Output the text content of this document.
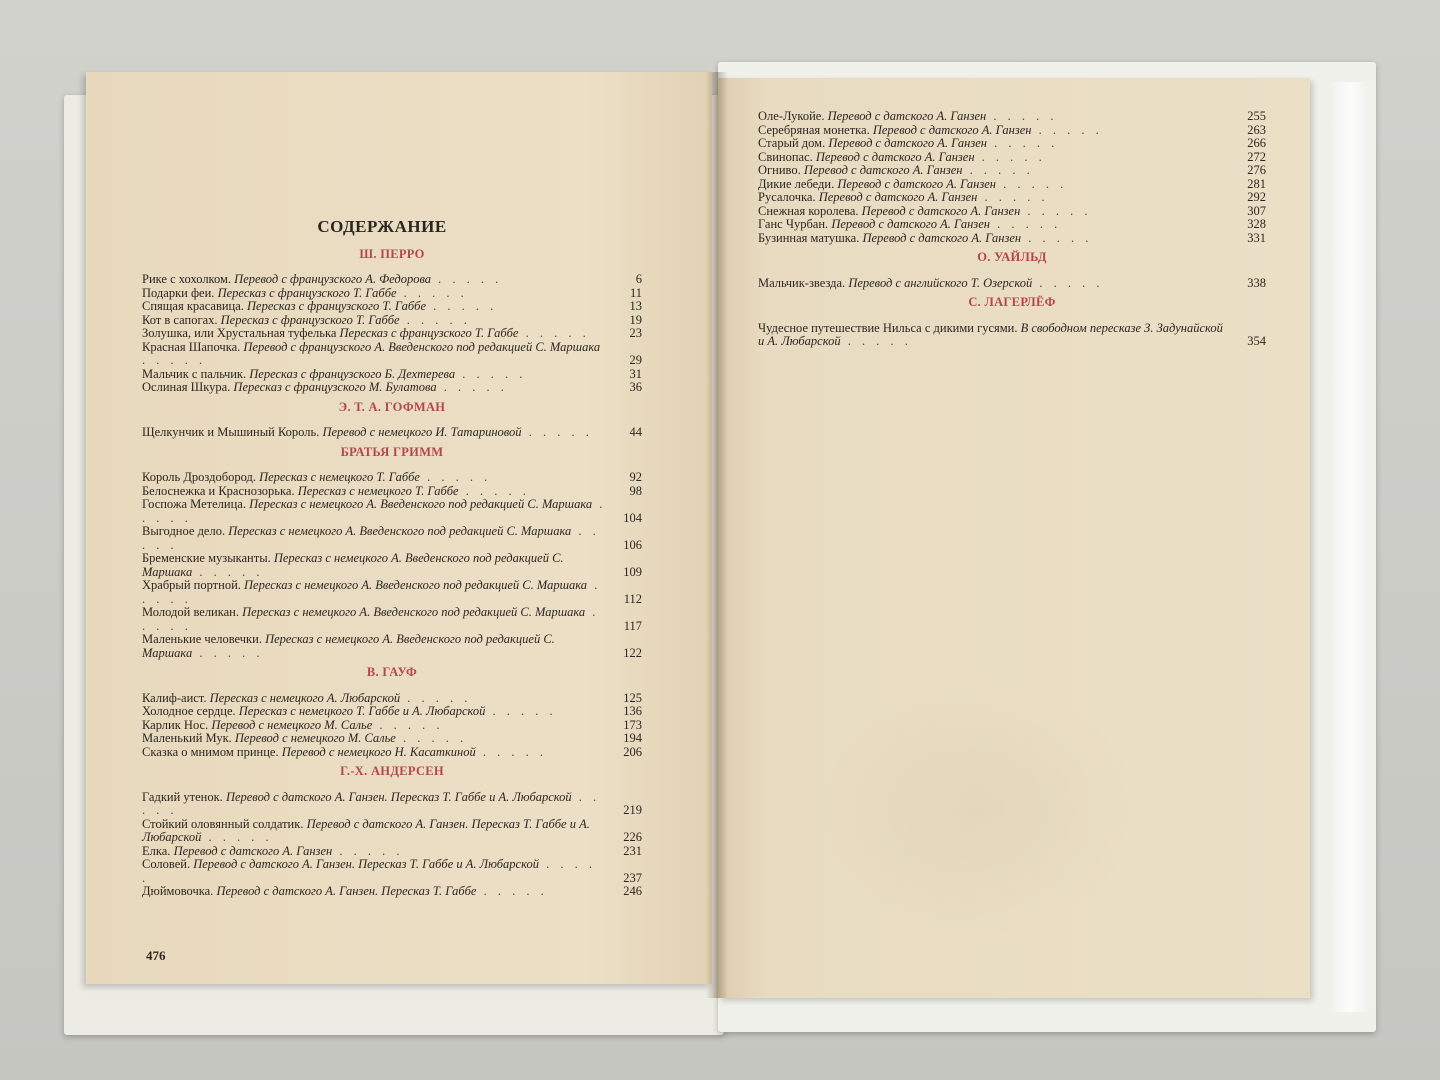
СОДЕРЖАНИЕ
Ш. ПЕРРО
Рике с хохолком. Перевод с французского А. Федорова . . . . .	6
Подарки феи. Пересказ с французского Т. Габбе . . . . .	11
Спящая красавица. Пересказ с французского Т. Габбе . . . . .	13
Кот в сапогах. Пересказ с французского Т. Габбе . . . . .	19
Золушка, или Хрустальная туфелька Пересказ с французского Т. Габбе . . . . .	23
Красная Шапочка. Перевод с французского А. Введенского под редакцией С. Маршака . . . . .	29
Мальчик с пальчик. Пересказ с французского Б. Дехтерева . . . . .	31
Ослиная Шкура. Пересказ с французского М. Булатова . . . . .	36
Э. Т. А. ГОФМАН
Щелкунчик и Мышиный Король. Перевод с немецкого И. Татариновой . . . . .	44
БРАТЬЯ ГРИММ
Король Дроздобород. Пересказ с немецкого Т. Габбе . . . . .	92
Белоснежка и Краснозорька. Пересказ с немецкого Т. Габбе . . . . .	98
Госпожа Метелица. Пересказ с немецкого А. Введенского под редакцией С. Маршака . . . . .	104
Выгодное дело. Пересказ с немецкого А. Введенского под редакцией С. Маршака . . . . .	106
Бременские музыканты. Пересказ с немецкого А. Введенского под редакцией С. Маршака . . . . .	109
Храбрый портной. Пересказ с немецкого А. Введенского под редакцией С. Маршака . . . . .	112
Молодой великан. Пересказ с немецкого А. Введенского под редакцией С. Маршака . . . . .	117
Маленькие человечки. Пересказ с немецкого А. Введенского под редакцией С. Маршака . . . . .	122
В. ГАУФ
Калиф-аист. Пересказ с немецкого А. Любарской . . . . .	125
Холодное сердце. Пересказ с немецкого Т. Габбе и А. Любарской . . . . .	136
Карлик Нос. Перевод с немецкого М. Салье . . . . .	173
Маленький Мук. Перевод с немецкого М. Салье . . . . .	194
Сказка о мнимом принце. Перевод с немецкого Н. Касаткиной . . . . .	206
Г.-Х. АНДЕРСЕН
Гадкий утенок. Перевод с датского А. Ганзен. Пересказ Т. Габбе и А. Любарской . . . . .	219
Стойкий оловянный солдатик. Перевод с датского А. Ганзен. Пересказ Т. Габбе и А. Любарской . . . . .	226
Елка. Перевод с датского А. Ганзен . . . . .	231
Соловей. Перевод с датского А. Ганзен. Пересказ Т. Габбе и А. Любарской . . . . .	237
Дюймовочка. Перевод с датского А. Ганзен. Пересказ Т. Габбе . . . . .	246
Оле-Лукойе. Перевод с датского А. Ганзен . . . . .	255
Серебряная монетка. Перевод с датского А. Ганзен . . . . .	263
Старый дом. Перевод с датского А. Ганзен . . . . .	266
Свинопас. Перевод с датского А. Ганзен . . . . .	272
Огниво. Перевод с датского А. Ганзен . . . . .	276
Дикие лебеди. Перевод с датского А. Ганзен . . . . .	281
Русалочка. Перевод с датского А. Ганзен . . . . .	292
Снежная королева. Перевод с датского А. Ганзен . . . . .	307
Ганс Чурбан. Перевод с датского А. Ганзен . . . . .	328
Бузинная матушка. Перевод с датского А. Ганзен . . . . .	331
О. УАЙЛЬД
Мальчик-звезда. Перевод с английского Т. Озерской . . . . .	338
С. ЛАГЕРЛЁФ
Чудесное путешествие Нильса с дикими гусями. В свободном пересказе З. Задунайской и А. Любарской . . . . .	354
476
